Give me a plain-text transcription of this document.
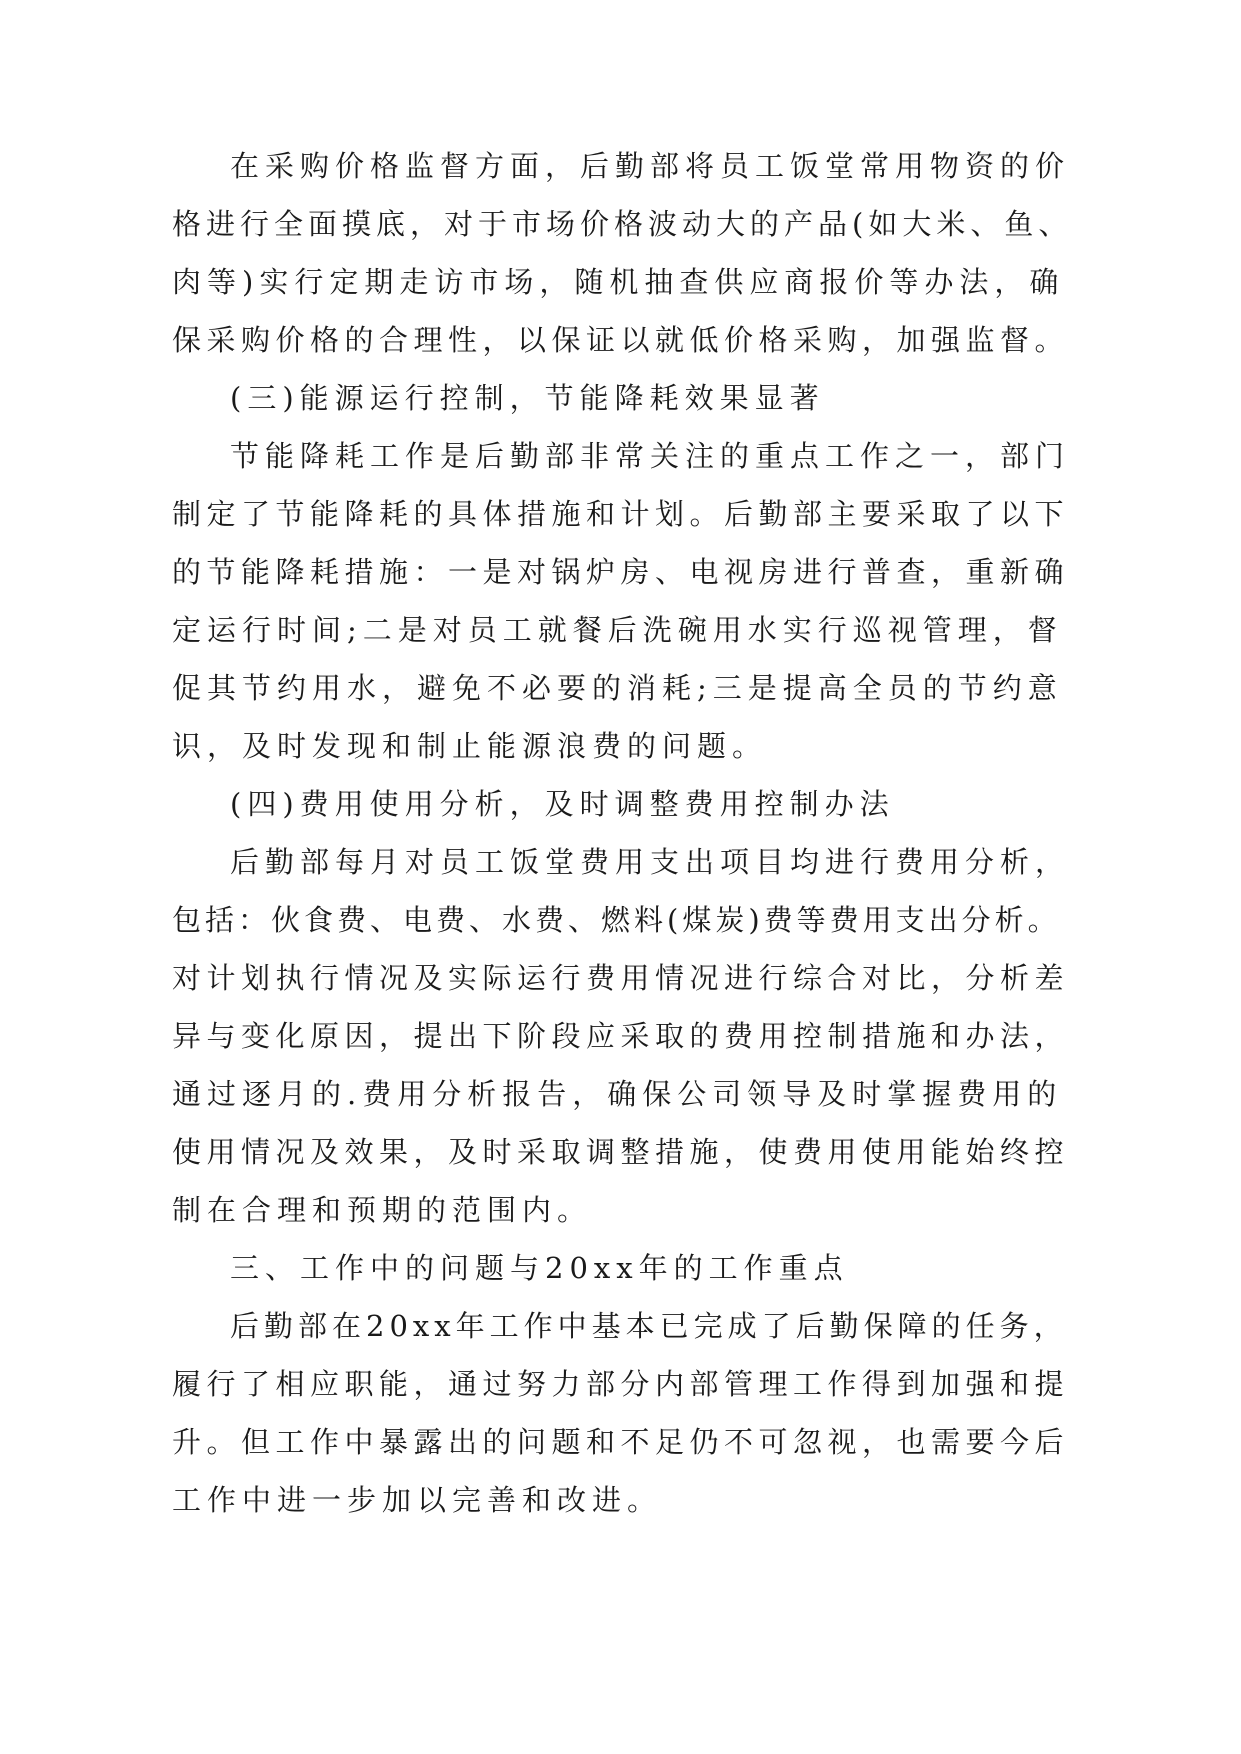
在采购价格监督方面，后勤部将员工饭堂常用物资的价

格进行全面摸底，对于市场价格波动大的产品(如大米、鱼、

肉等)实行定期走访市场，随机抽查供应商报价等办法，确

保采购价格的合理性，以保证以就低价格采购，加强监督。

(三)能源运行控制，节能降耗效果显著

节能降耗工作是后勤部非常关注的重点工作之一，部门

制定了节能降耗的具体措施和计划。后勤部主要采取了以下

的节能降耗措施：一是对锅炉房、电视房进行普查，重新确

定运行时间;二是对员工就餐后洗碗用水实行巡视管理，督

促其节约用水，避免不必要的消耗;三是提高全员的节约意

识，及时发现和制止能源浪费的问题。

(四)费用使用分析，及时调整费用控制办法

后勤部每月对员工饭堂费用支出项目均进行费用分析，

包括：伙食费、电费、水费、燃料(煤炭)费等费用支出分析。

对计划执行情况及实际运行费用情况进行综合对比，分析差

异与变化原因，提出下阶段应采取的费用控制措施和办法，

通过逐月的.费用分析报告，确保公司领导及时掌握费用的

使用情况及效果，及时采取调整措施，使费用使用能始终控

制在合理和预期的范围内。

三、工作中的问题与20xx年的工作重点

后勤部在20xx年工作中基本已完成了后勤保障的任务，

履行了相应职能，通过努力部分内部管理工作得到加强和提

升。但工作中暴露出的问题和不足仍不可忽视，也需要今后

工作中进一步加以完善和改进。
